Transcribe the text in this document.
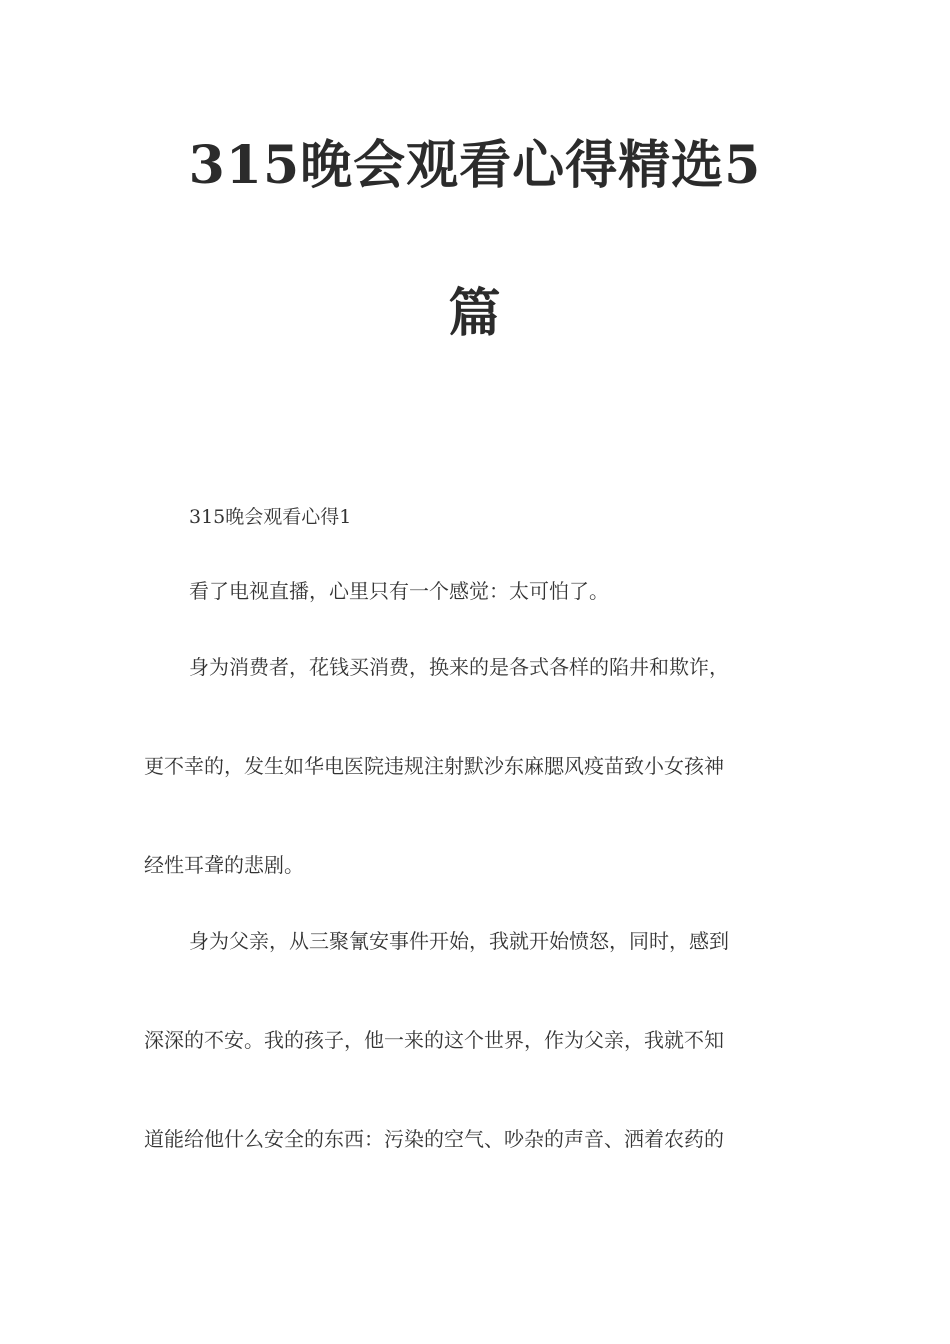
315晚会观看心得精选5
篇
315晚会观看心得1
看了电视直播，心里只有一个感觉：太可怕了。
身为消费者，花钱买消费，换来的是各式各样的陷井和欺诈，
更不幸的，发生如华电医院违规注射默沙东麻腮风疫苗致小女孩神
经性耳聋的悲剧。
身为父亲，从三聚氰安事件开始，我就开始愤怒，同时，感到
深深的不安。我的孩子，他一来的这个世界，作为父亲，我就不知
道能给他什么安全的东西：污染的空气、吵杂的声音、洒着农药的
